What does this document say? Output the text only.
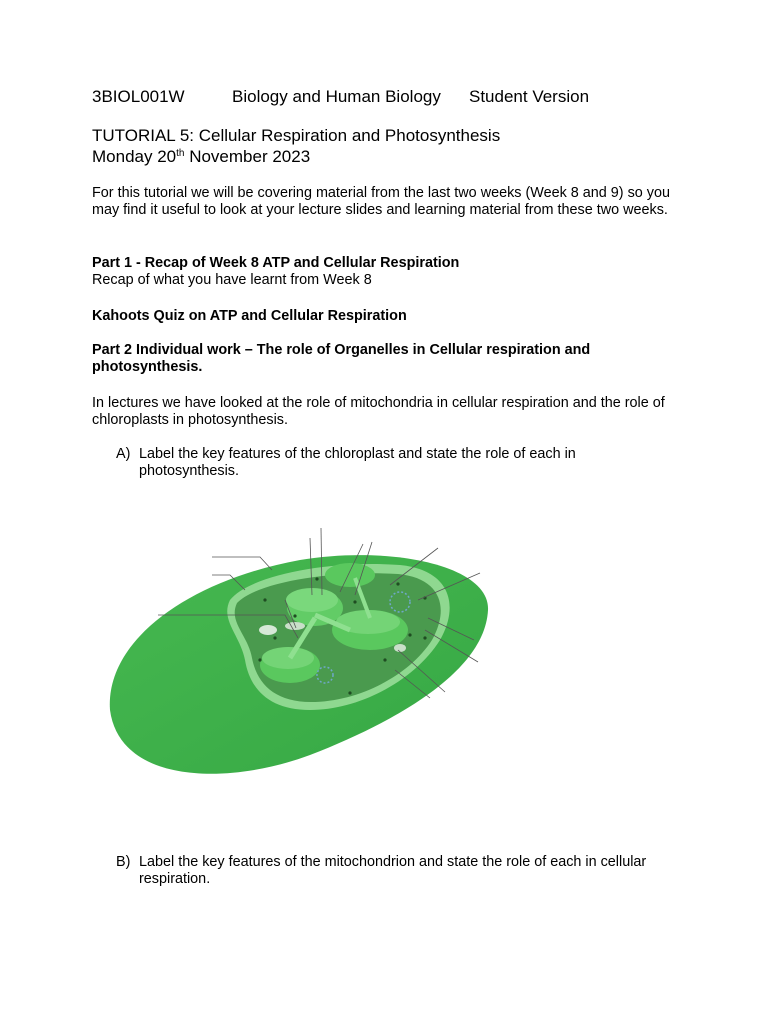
3BIOL001W	Biology and Human Biology Student Version
TUTORIAL 5: Cellular Respiration and Photosynthesis
Monday 20th November 2023
For this tutorial we will be covering material from the last two weeks (Week 8 and 9) so you may find it useful to look at your lecture slides and learning material from these two weeks.
Part 1 - Recap of Week 8 ATP and Cellular Respiration
Recap of what you have learnt from Week 8
Kahoots Quiz on ATP and Cellular Respiration
Part 2 Individual work – The role of Organelles in Cellular respiration and photosynthesis.
In lectures we have looked at the role of mitochondria in cellular respiration and the role of chloroplasts in photosynthesis.
A) Label the key features of the chloroplast and state the role of each in photosynthesis.
B) Label the key features of the mitochondrion and state the role of each in cellular respiration.
